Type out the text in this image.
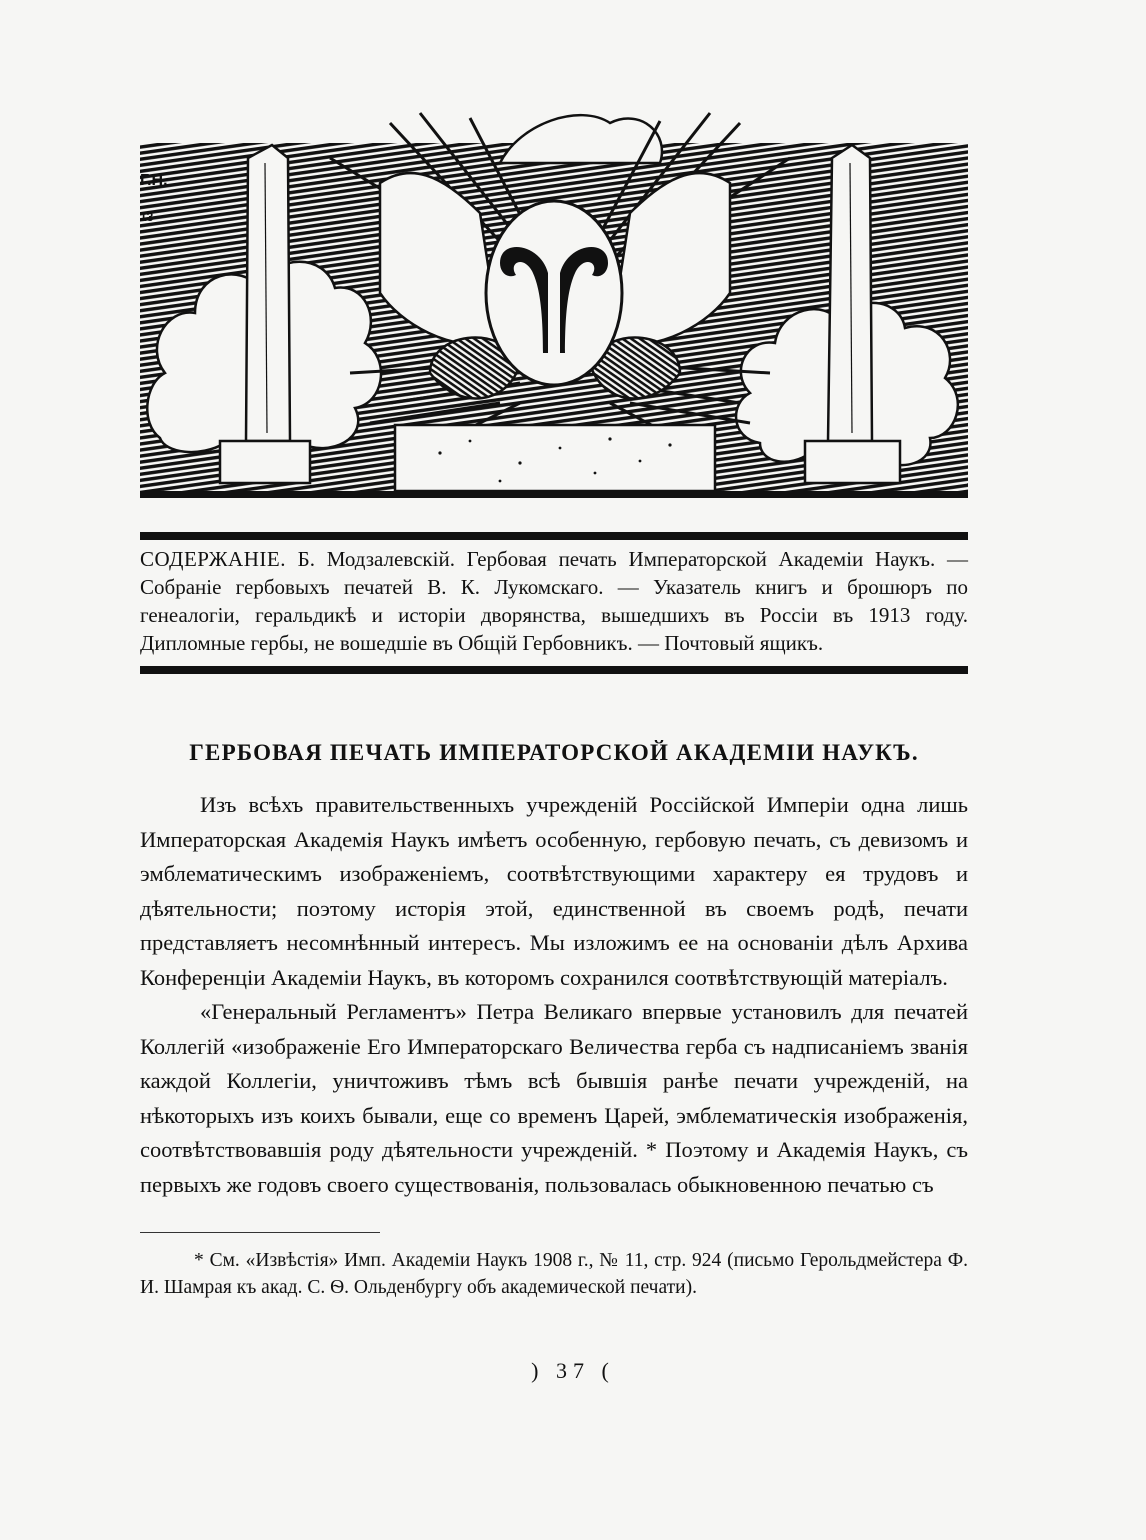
Г.Н.
13
СОДЕРЖАНІЕ. Б. Модзалевскій. Гербовая печать Императорской Академіи Наукъ. — Собраніе гербовыхъ печатей В. К. Лукомскаго. — Указатель книгъ и брошюръ по генеалогіи, геральдикѣ и исторіи дворянства, вышедшихъ въ Россіи въ 1913 году. Дипломные гербы, не вошедшіе въ Общій Гербовникъ. — Почтовый ящикъ.
ГЕРБОВАЯ ПЕЧАТЬ ИМПЕРАТОРСКОЙ АКАДЕМІИ НАУКЪ.

Изъ всѣхъ правительственныхъ учрежденій Россійской Имперіи одна лишь Императорская Академія Наукъ имѣетъ особенную, гербовую печать, съ девизомъ и эмблематическимъ изображеніемъ, соотвѣтствующими характеру ея трудовъ и дѣятельности; поэтому исторія этой, единственной въ своемъ родѣ, печати представляетъ несомнѣнный интересъ. Мы изложимъ ее на основаніи дѣлъ Архива Конференціи Академіи Наукъ, въ которомъ сохранился соотвѣтствующій матеріалъ.

«Генеральный Регламентъ» Петра Великаго впервые установилъ для печатей Коллегій «изображеніе Его Императорскаго Величества герба съ надписаніемъ званія каждой Коллегіи, уничтоживъ тѣмъ всѣ бывшія ранѣе печати учрежденій, на нѣкоторыхъ изъ коихъ бывали, еще со временъ Царей, эмблематическія изображенія, соотвѣтствовавшія роду дѣятельности учрежденій. * Поэтому и Академія Наукъ, съ первыхъ же годовъ своего существованія, пользовалась обыкновенною печатью съ

* См. «Извѣстія» Имп. Академіи Наукъ 1908 г., № 11, стр. 924 (письмо Герольдмейстера Ф. И. Шамрая къ акад. С. Ѳ. Ольденбургу объ академической печати).

) 37 (
